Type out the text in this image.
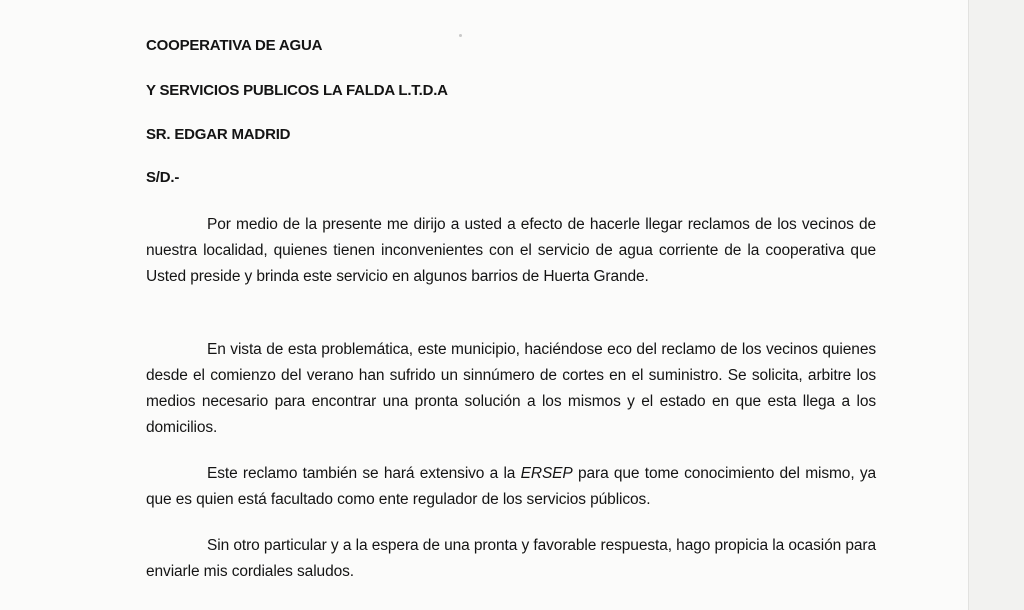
COOPERATIVA DE AGUA
Y SERVICIOS PUBLICOS LA FALDA L.T.D.A
SR. EDGAR MADRID
S/D.-
Por medio de la presente me dirijo a usted a efecto de hacerle llegar reclamos de los vecinos de nuestra localidad, quienes tienen inconvenientes con el servicio de agua corriente de la cooperativa que Usted preside y brinda este servicio en algunos barrios de Huerta Grande.
En vista de esta problemática, este municipio, haciéndose eco del reclamo de los vecinos quienes desde el comienzo del verano han sufrido un sinnúmero de cortes en el suministro. Se solicita, arbitre los medios necesario para encontrar una pronta solución a los mismos y el estado en que esta llega a los domicilios.
Este reclamo también se hará extensivo a la ERSEP para que tome conocimiento del mismo, ya que es quien está facultado como ente regulador de los servicios públicos.
Sin otro particular y a la espera de una pronta y favorable respuesta, hago propicia la ocasión para enviarle mis cordiales saludos.
